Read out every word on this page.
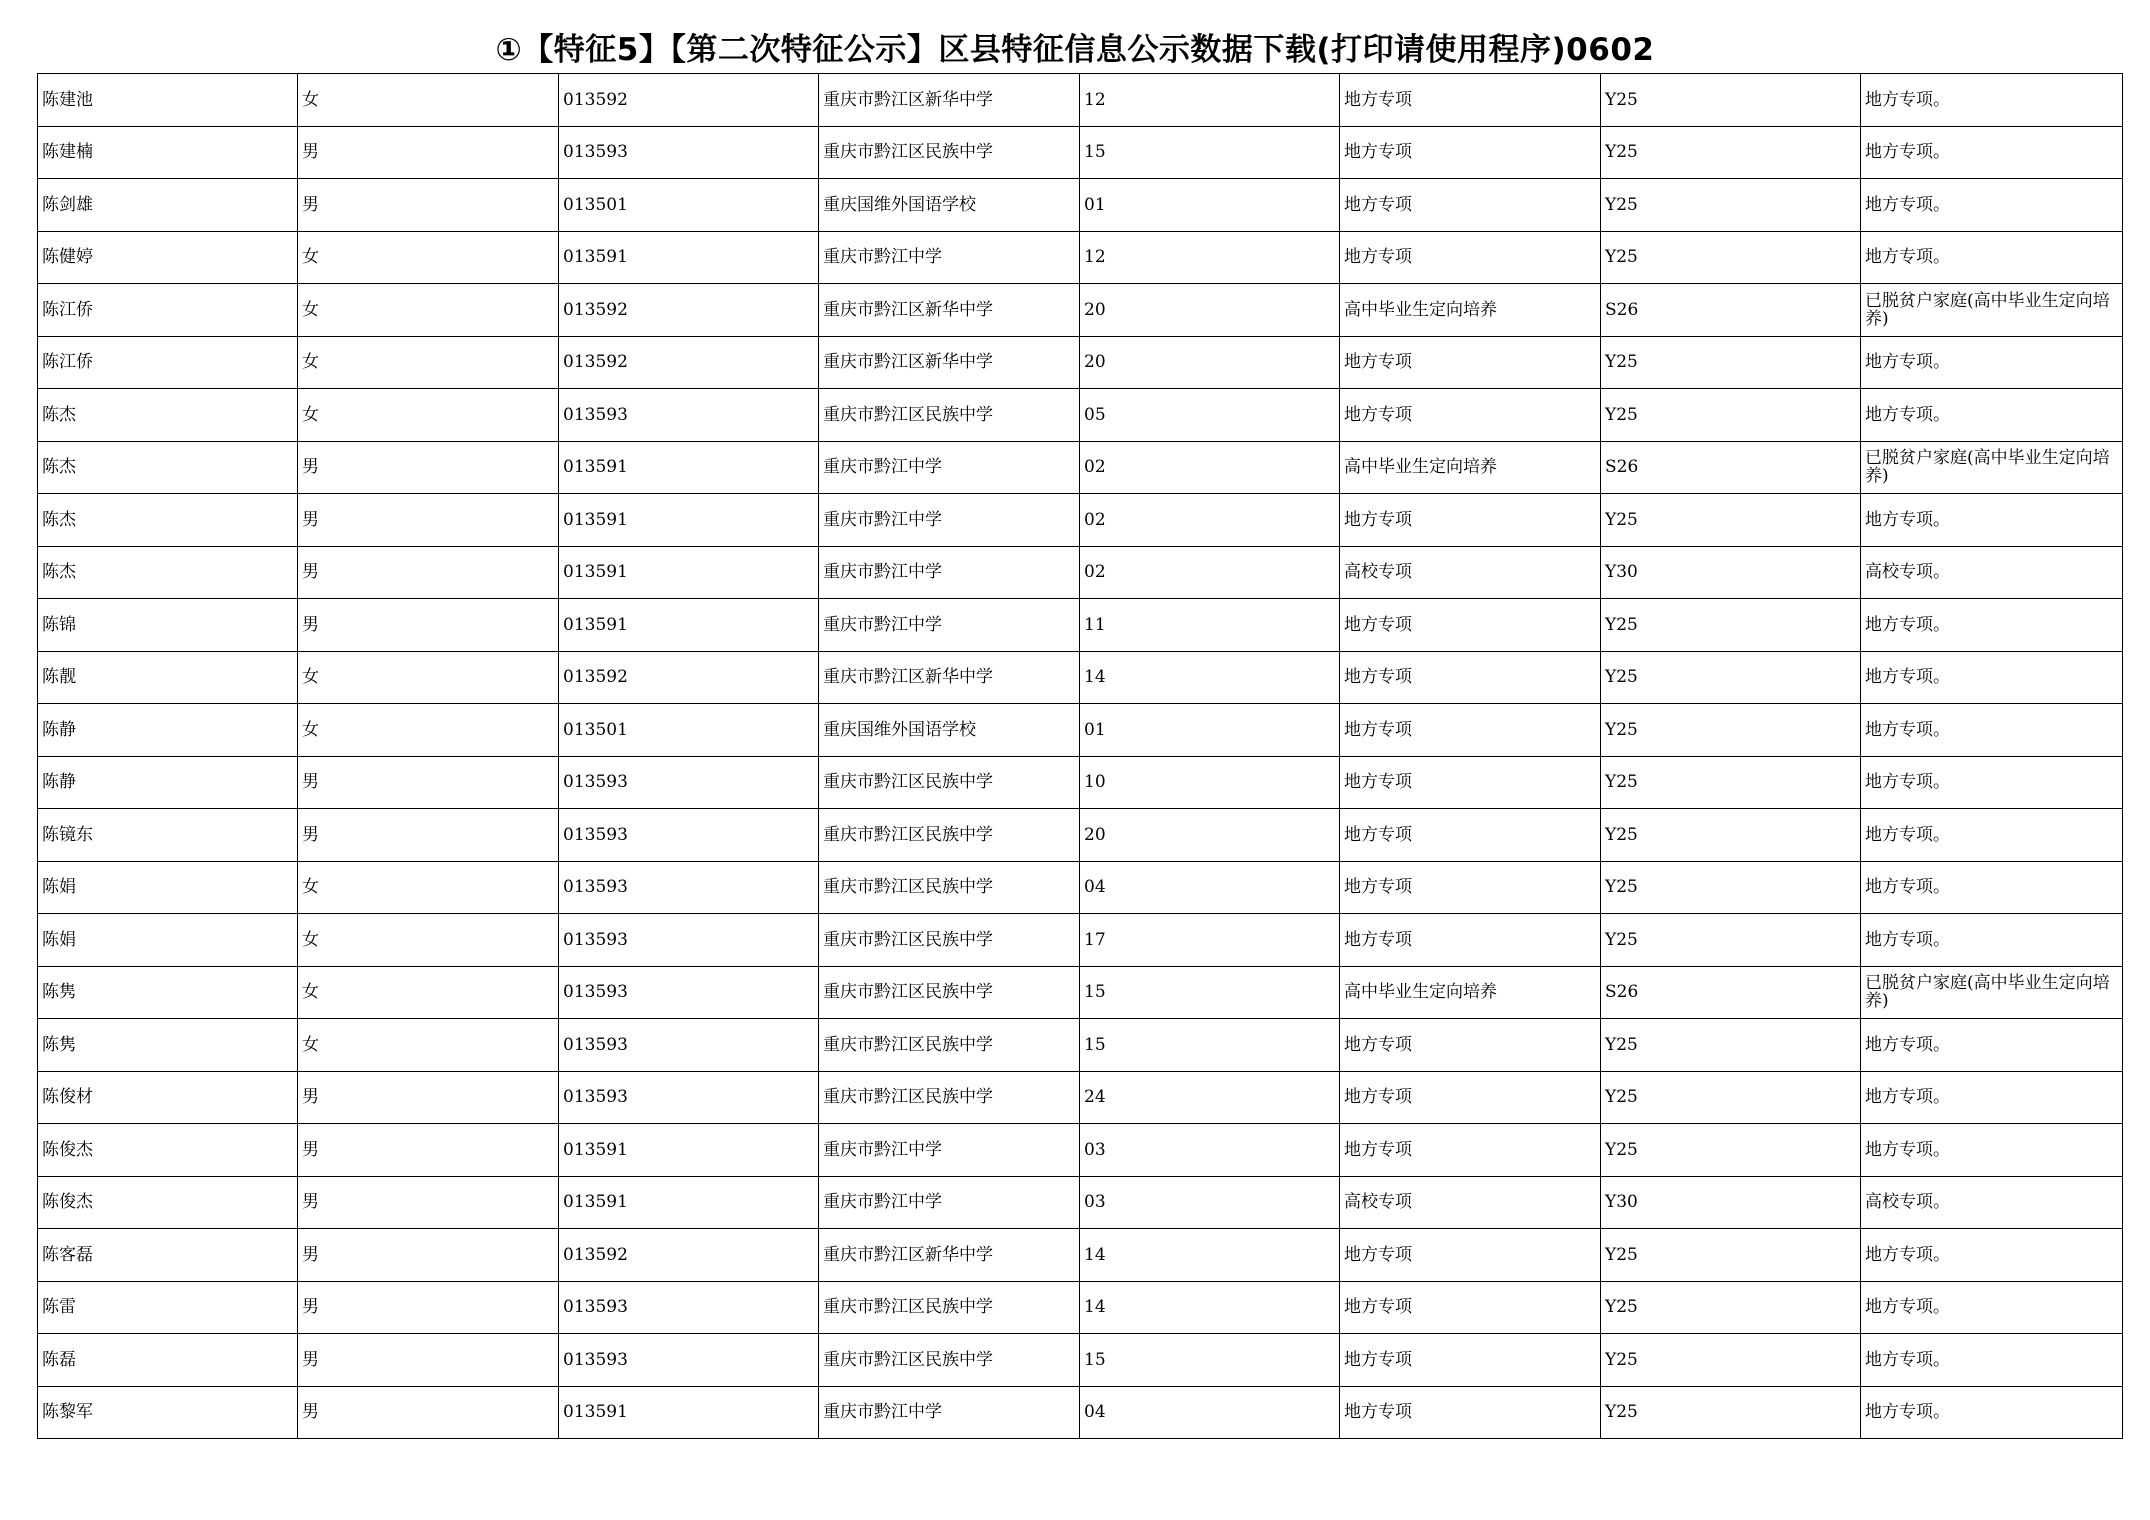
①【特征5】【第二次特征公示】区县特征信息公示数据下载(打印请使用程序)0602
陈建池	女	013592	重庆市黔江区新华中学	12	地方专项	Y25	地方专项。
陈建楠	男	013593	重庆市黔江区民族中学	15	地方专项	Y25	地方专项。
陈剑雄	男	013501	重庆国维外国语学校	01	地方专项	Y25	地方专项。
陈健婷	女	013591	重庆市黔江中学	12	地方专项	Y25	地方专项。
陈江侨	女	013592	重庆市黔江区新华中学	20	高中毕业生定向培养	S26	已脱贫户家庭(高中毕业生定向培养)
陈江侨	女	013592	重庆市黔江区新华中学	20	地方专项	Y25	地方专项。
陈杰	女	013593	重庆市黔江区民族中学	05	地方专项	Y25	地方专项。
陈杰	男	013591	重庆市黔江中学	02	高中毕业生定向培养	S26	已脱贫户家庭(高中毕业生定向培养)
陈杰	男	013591	重庆市黔江中学	02	地方专项	Y25	地方专项。
陈杰	男	013591	重庆市黔江中学	02	高校专项	Y30	高校专项。
陈锦	男	013591	重庆市黔江中学	11	地方专项	Y25	地方专项。
陈靓	女	013592	重庆市黔江区新华中学	14	地方专项	Y25	地方专项。
陈静	女	013501	重庆国维外国语学校	01	地方专项	Y25	地方专项。
陈静	男	013593	重庆市黔江区民族中学	10	地方专项	Y25	地方专项。
陈镜东	男	013593	重庆市黔江区民族中学	20	地方专项	Y25	地方专项。
陈娟	女	013593	重庆市黔江区民族中学	04	地方专项	Y25	地方专项。
陈娟	女	013593	重庆市黔江区民族中学	17	地方专项	Y25	地方专项。
陈隽	女	013593	重庆市黔江区民族中学	15	高中毕业生定向培养	S26	已脱贫户家庭(高中毕业生定向培养)
陈隽	女	013593	重庆市黔江区民族中学	15	地方专项	Y25	地方专项。
陈俊材	男	013593	重庆市黔江区民族中学	24	地方专项	Y25	地方专项。
陈俊杰	男	013591	重庆市黔江中学	03	地方专项	Y25	地方专项。
陈俊杰	男	013591	重庆市黔江中学	03	高校专项	Y30	高校专项。
陈客磊	男	013592	重庆市黔江区新华中学	14	地方专项	Y25	地方专项。
陈雷	男	013593	重庆市黔江区民族中学	14	地方专项	Y25	地方专项。
陈磊	男	013593	重庆市黔江区民族中学	15	地方专项	Y25	地方专项。
陈黎军	男	013591	重庆市黔江中学	04	地方专项	Y25	地方专项。
